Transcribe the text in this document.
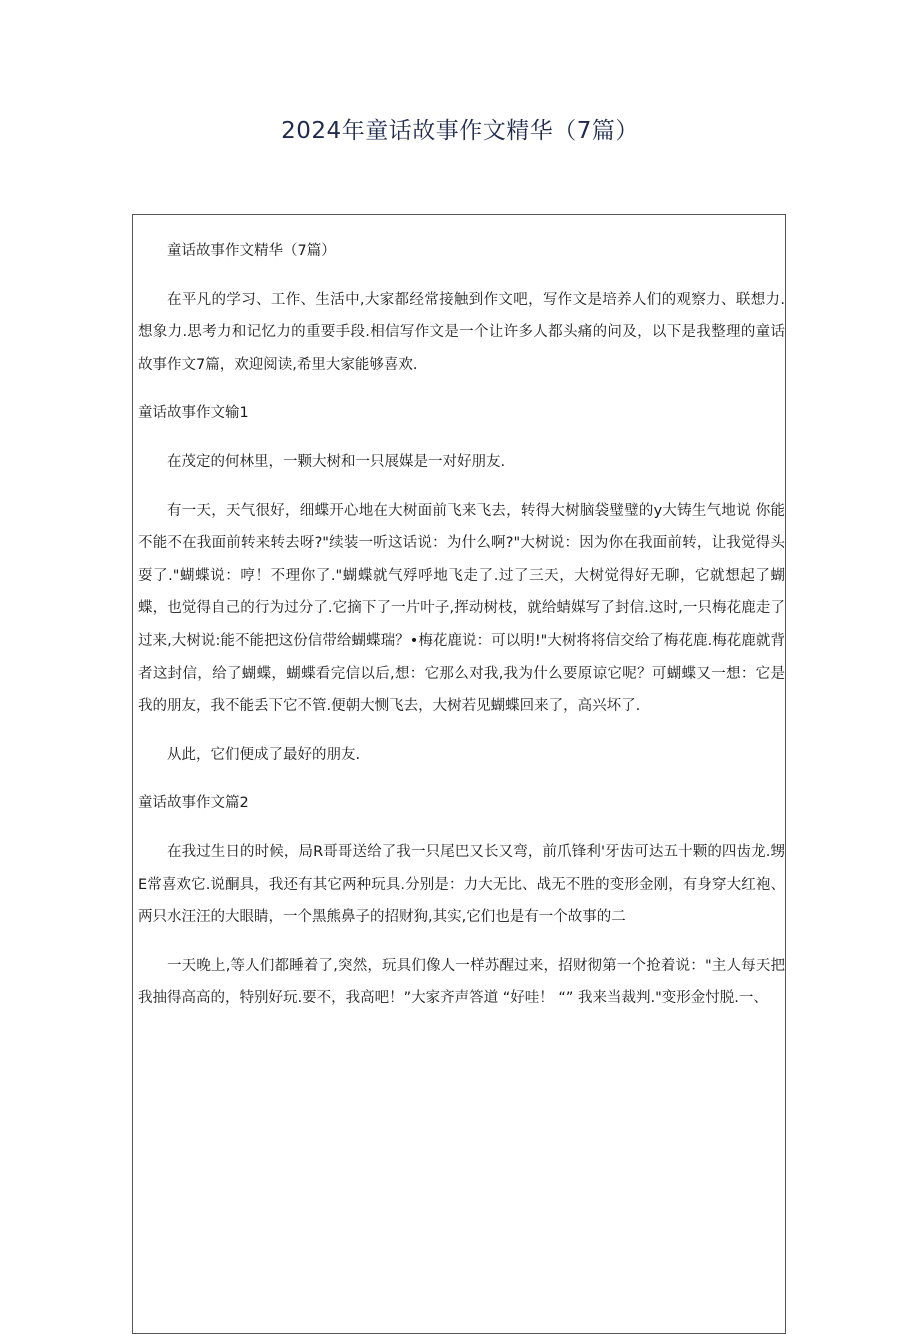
2024年童话故事作文精华（7篇）

童话故事作文精华（7篇）

在平凡的学习、工作、生活中,大家都经常接触到作文吧，写作文是培养人们的观察力、联想力.想象力.思考力和记忆力的重要手段.相信写作文是一个让许多人都头痛的问及，以下是我整理的童话故事作文7篇，欢迎阅读,希里大家能够喜欢.

童话故事作文输1

在茂定的何林里，一颗大树和一只展媒是一对好朋友.

有一天，天气很好，细蝶开心地在大树面前飞来飞去，转得大树脑袋璧璧的y大铸生气地说 你能不能不在我面前转来转去呀?"续装一听这话说：为什么啊?"大树说：因为你在我面前转，让我觉得头耍了."蝴蝶说：哼！不理你了."蝴蝶就气殍呼地飞走了.过了三天，大树觉得好无聊，它就想起了蝴蝶，也觉得自己的行为过分了.它摘下了一片叶子,挥动树枝，就给蜻媒写了封信.这时,一只梅花鹿走了过来,大树说:能不能把这份信带给蝴蝶瑞？•梅花鹿说：可以明!"大树将将信交给了梅花鹿.梅花鹿就背者这封信，给了蝴蝶，蝴蝶看完信以后,想：它那么对我,我为什么要原谅它呢？可蝴蝶又一想：它是我的朋友，我不能丢下它不管.便朝大恻飞去，大树若见蝴蝶回来了，高兴坏了.

从此，它们便成了最好的朋友.

童话故事作文篇2

在我过生日的时候，局R哥哥送给了我一只尾巴又长又弯，前爪锋利'牙齿可达五十颗的四齿龙.甥E常喜欢它.说酮具，我还有其它两种玩具.分别是：力大无比、战无不胜的变形金刚，有身穿大红袍、两只水汪汪的大眼睛，一个黑熊鼻子的招财狗,其实,它们也是有一个故事的二

一天晚上,等人们都睡着了,突然，玩具们像人一样苏醒过来，招财彻第一个抢着说："主人每天把我抽得高高的，特别好玩.要不，我高吧！”大家齐声答道 “好哇！ “” 我来当裁判."变形金忖脱.一、
